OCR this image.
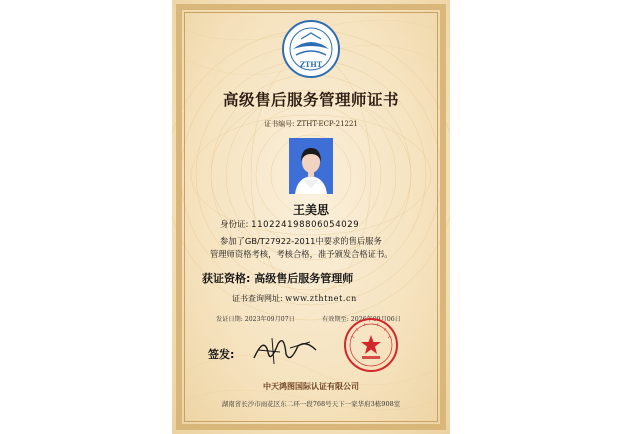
ZTHT
高级售后服务管理师证书
证书编号: ZTHT-ECP-21221
王美思
身份证: 110224198806054029
参加了GB/T27922-2011中要求的售后服务
管理师资格考核，考核合格，准予颁发合格证书。
获证资格: 高级售后服务管理师
证书查询网址: www.zthtnet.cn
发证日期: 2023年09月07日	有效期至: 2026年09月06日
签发:
中天鸿图国际认证有限公司
湖南省长沙市雨花区东二环一段768号天下一家华府3栋908室
